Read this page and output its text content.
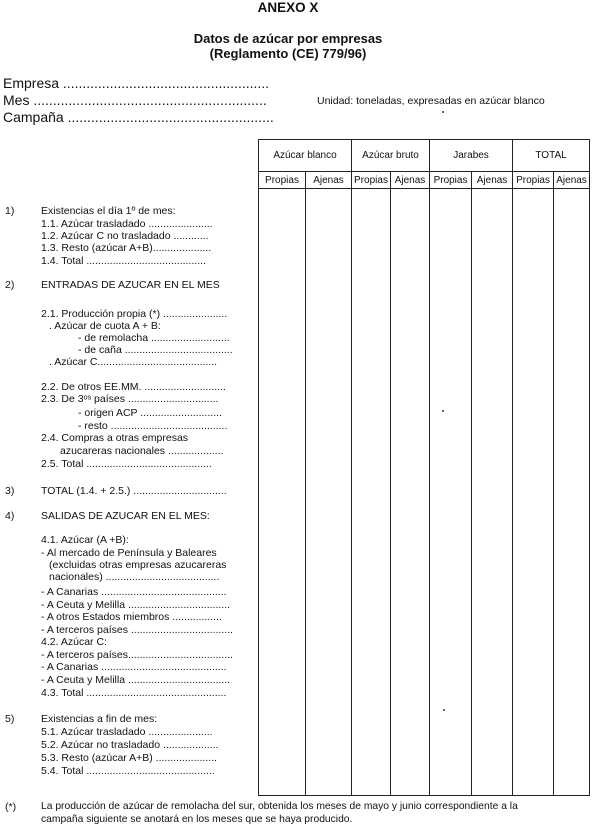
ANEXO X
Datos de azúcar por empresas
(Reglamento (CE) 779/96)
Empresa .....................................................
Mes ............................................................
Campaña .....................................................
Unidad: toneladas, expresadas en azúcar blanco
Azúcar blanco		Azúcar bruto		Jarabes		TOTAL	
Propias	Ajenas	Propias	Ajenas	Propias	Ajenas	Propias	Ajenas

1)	Existencias el día 1º de mes:
1.1. Azúcar trasladado ......................
1.2. Azúcar C no trasladado ............
1.3. Resto (azúcar A+B)....................
1.4. Total .........................................
2)	ENTRADAS DE AZUCAR EN EL MES
2.1. Producción propia (*) ......................
. Azúcar de cuota A + B:
- de remolacha ...........................
- de caña .....................................
. Azúcar C.........................................
2.2. De otros EE.MM. ............................
2.3. De 3ᵒˢ países ...............................
- origen ACP ............................
- resto ........................................
2.4. Compras a otras empresas
azucareras nacionales ...................
2.5. Total ...........................................
3)	TOTAL (1.4. + 2.5.) ................................
4)	SALIDAS DE AZUCAR EN EL MES:
4.1. Azúcar (A +B):
- Al mercado de Península y Baleares
(excluidas otras empresas azucareras
nacionales) .......................................
- A Canarias ...........................................
- A Ceuta y Melilla ...................................
- A otros Estados miembros .................
- A terceros países ...................................
4.2. Azúcar C:
- A terceros países....................................
- A Canarias ...........................................
- A Ceuta y Melilla ...................................
4.3. Total ................................................
5)	Existencias a fin de mes:
5.1. Azúcar trasladado ......................
5.2. Azúcar no trasladado ...................
5.3. Resto (azúcar A+B) .....................
5.4. Total ............................................
(*) La producción de azúcar de remolacha del sur, obtenida los meses de mayo y junio correspondiente a la
campaña siguiente se anotará en los meses que se haya producido.
